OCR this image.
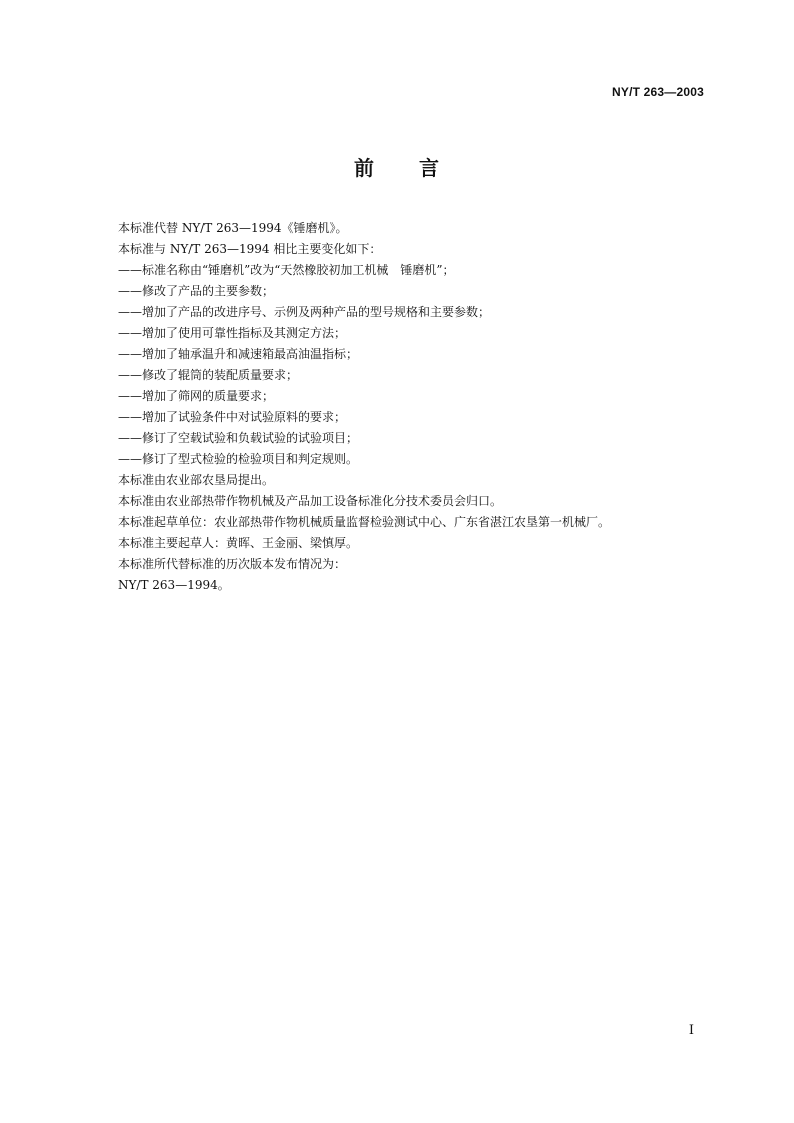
NY/T 263—2003
前 言
本标准代替 NY/T 263—1994《锤磨机》。
本标准与 NY/T 263—1994 相比主要变化如下：
——标准名称由“锤磨机”改为“天然橡胶初加工机械　锤磨机”；
——修改了产品的主要参数；
——增加了产品的改进序号、示例及两种产品的型号规格和主要参数；
——增加了使用可靠性指标及其测定方法；
——增加了轴承温升和减速箱最高油温指标；
——修改了辊筒的装配质量要求；
——增加了筛网的质量要求；
——增加了试验条件中对试验原料的要求；
——修订了空载试验和负载试验的试验项目；
——修订了型式检验的检验项目和判定规则。
本标准由农业部农垦局提出。
本标准由农业部热带作物机械及产品加工设备标准化分技术委员会归口。
本标准起草单位：农业部热带作物机械质量监督检验测试中心、广东省湛江农垦第一机械厂。
本标准主要起草人：黄晖、王金丽、梁慎厚。
本标准所代替标准的历次版本发布情况为：
NY/T 263—1994。
I
